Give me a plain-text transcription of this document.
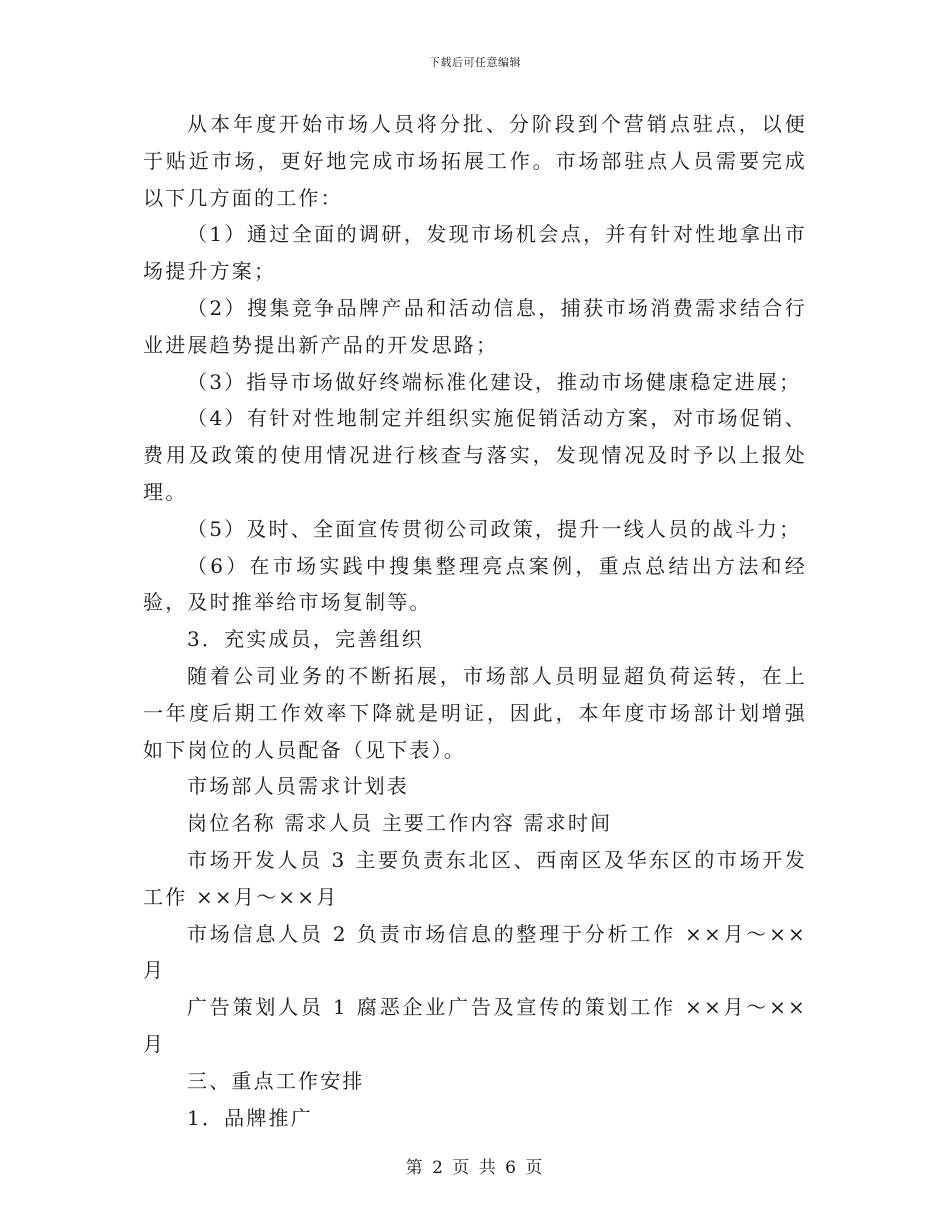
下载后可任意编辑

从本年度开始市场人员将分批、分阶段到个营销点驻点，以便于贴近市场，更好地完成市场拓展工作。市场部驻点人员需要完成以下几方面的工作：

（1）通过全面的调研，发现市场机会点，并有针对性地拿出市场提升方案；

（2）搜集竞争品牌产品和活动信息，捕获市场消费需求结合行业进展趋势提出新产品的开发思路；

（3）指导市场做好终端标准化建设，推动市场健康稳定进展；

（4）有针对性地制定并组织实施促销活动方案，对市场促销、费用及政策的使用情况进行核查与落实，发现情况及时予以上报处理。

（5）及时、全面宣传贯彻公司政策，提升一线人员的战斗力；

（6）在市场实践中搜集整理亮点案例，重点总结出方法和经验，及时推举给市场复制等。

3．充实成员，完善组织

随着公司业务的不断拓展，市场部人员明显超负荷运转，在上一年度后期工作效率下降就是明证，因此，本年度市场部计划增强如下岗位的人员配备（见下表）。

市场部人员需求计划表

岗位名称 需求人员 主要工作内容 需求时间

市场开发人员 3 主要负责东北区、西南区及华东区的市场开发工作 ××月～××月

市场信息人员 2 负责市场信息的整理于分析工作 ××月～××月

广告策划人员 1 腐恶企业广告及宣传的策划工作 ××月～××月

三、重点工作安排

1．品牌推广

第 2 页 共 6 页
